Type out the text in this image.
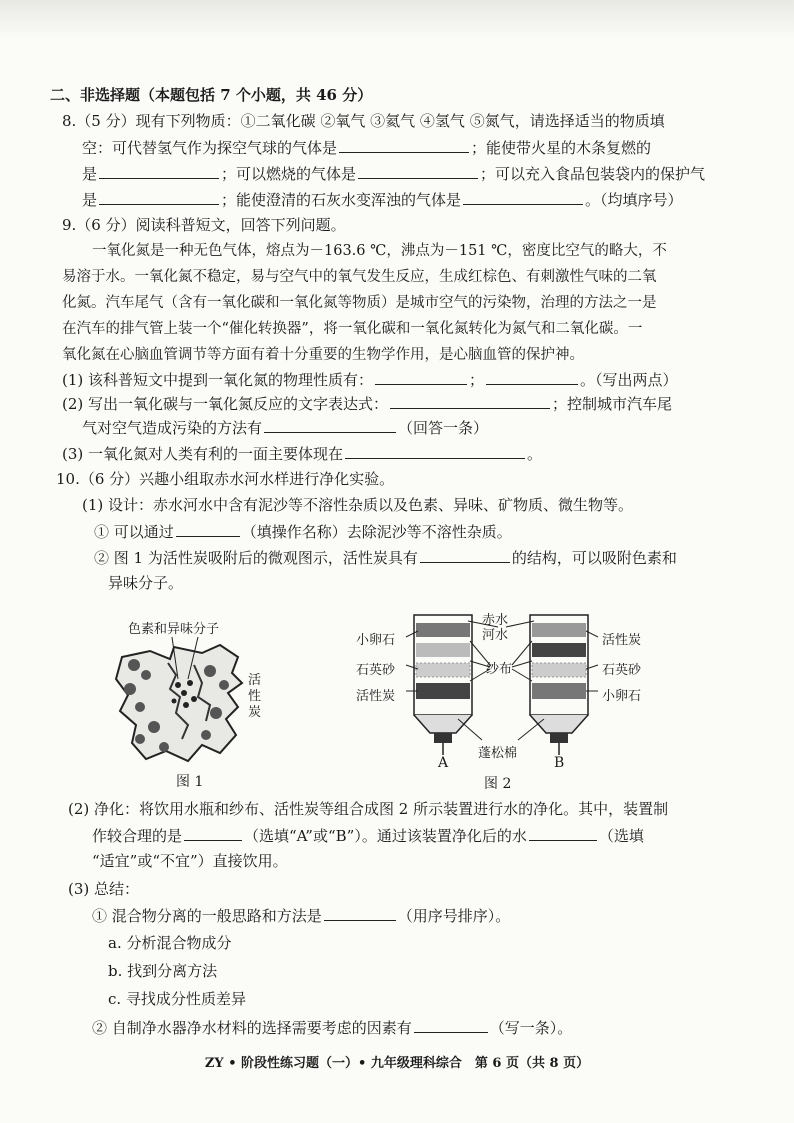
二、非选择题（本题包括 7 个小题，共 46 分）
8.（5 分）现有下列物质：①二氧化碳 ②氧气 ③氦气 ④氢气 ⑤氮气，请选择适当的物质填
空：可代替氢气作为探空气球的气体是	；能使带火星的木条复燃的
是	；可以燃烧的气体是	；可以充入食品包装袋内的保护气
是	；能使澄清的石灰水变浑浊的气体是	。（均填序号）
9.（6 分）阅读科普短文，回答下列问题。
一氧化氮是一种无色气体，熔点为－163.6 ℃，沸点为－151 ℃，密度比空气的略大，不
易溶于水。一氧化氮不稳定，易与空气中的氧气发生反应，生成红棕色、有刺激性气味的二氧
化氮。汽车尾气（含有一氧化碳和一氧化氮等物质）是城市空气的污染物，治理的方法之一是
在汽车的排气管上装一个“催化转换器”，将一氧化碳和一氧化氮转化为氮气和二氧化碳。一
氧化氮在心脑血管调节等方面有着十分重要的生物学作用，是心脑血管的保护神。
(1) 该科普短文中提到一氧化氮的物理性质有：	；	。（写出两点）
(2) 写出一氧化碳与一氧化氮反应的文字表达式：	；控制城市汽车尾
气对空气造成污染的方法有	（回答一条）
(3) 一氧化氮对人类有利的一面主要体现在	。
10.（6 分）兴趣小组取赤水河水样进行净化实验。
(1) 设计：赤水河水中含有泥沙等不溶性杂质以及色素、异味、矿物质、微生物等。
① 可以通过	（填操作名称）去除泥沙等不溶性杂质。
② 图 1 为活性炭吸附后的微观图示，活性炭具有	的结构，可以吸附色素和
异味分子。
色素和异味分子
活
性
炭
图 1
小卵石
石英砂
活性炭
赤水
河水
纱布
蓬松棉
活性炭
石英砂
小卵石
A	B
图 2
(2) 净化：将饮用水瓶和纱布、活性炭等组合成图 2 所示装置进行水的净化。其中，装置制
作较合理的是	（选填“A”或“B”）。通过该装置净化后的水	（选填
“适宜”或“不宜”）直接饮用。
(3) 总结：
① 混合物分离的一般思路和方法是	（用序号排序）。
a. 分析混合物成分
b. 找到分离方法
c. 寻找成分性质差异
② 自制净水器净水材料的选择需要考虑的因素有	（写一条）。
ZY • 阶段性练习题（一）• 九年级理科综合　第 6 页（共 8 页）
